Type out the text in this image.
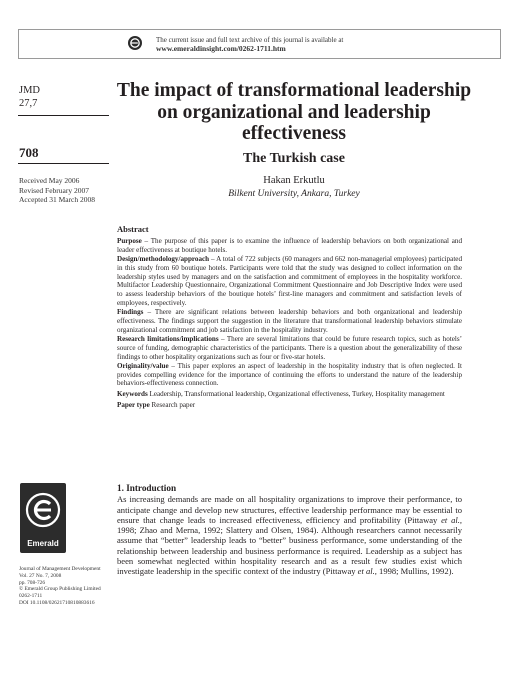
The current issue and full text archive of this journal is available at
www.emeraldinsight.com/0262-1711.htm
JMD
27,7
708
Received May 2006
Revised February 2007
Accepted 31 March 2008
The impact of transformational leadership on organizational and leadership effectiveness
The Turkish case
Hakan Erkutlu
Bilkent University, Ankara, Turkey
Abstract

Purpose – The purpose of this paper is to examine the influence of leadership behaviors on both organizational and leader effectiveness at boutique hotels.

Design/methodology/approach – A total of 722 subjects (60 managers and 662 non-managerial employees) participated in this study from 60 boutique hotels. Participants were told that the study was designed to collect information on the leadership styles used by managers and on the satisfaction and commitment of employees in the hospitality workforce. Multifactor Leadership Questionnaire, Organizational Commitment Questionnaire and Job Descriptive Index were used to assess leadership behaviors of the boutique hotels’ first-line managers and commitment and satisfaction levels of employees, respectively.

Findings – There are significant relations between leadership behaviors and both organizational and leadership effectiveness. The findings support the suggestion in the literature that transformational leadership behaviors stimulate organizational commitment and job satisfaction in the hospitality industry.

Research limitations/implications – There are several limitations that could be future research topics, such as hotels’ source of funding, demographic characteristics of the participants. There is a question about the generalizability of these findings to other hospitality organizations such as four or five-star hotels.

Originality/value – This paper explores an aspect of leadership in the hospitality industry that is often neglected. It provides compelling evidence for the importance of continuing the efforts to understand the nature of the leadership behaviors-effectiveness connection.

Keywords Leadership, Transformational leadership, Organizational effectiveness, Turkey, Hospitality management

Paper type Research paper

1. Introduction

As increasing demands are made on all hospitality organizations to improve their performance, to anticipate change and develop new structures, effective leadership performance may be essential to ensure that change leads to increased effectiveness, efficiency and profitability (Pittaway et al., 1998; Zhao and Merna, 1992; Slattery and Olsen, 1984). Although researchers cannot necessarily assume that “better” leadership leads to “better” business performance, some understanding of the relationship between leadership and business performance is required. Leadership as a subject has been somewhat neglected within hospitality research and as a result few studies exist which investigate leadership in the specific context of the industry (Pittaway et al., 1998; Mullins, 1992).

Emerald
Journal of Management Development
Vol. 27 No. 7, 2008
pp. 708-726
© Emerald Group Publishing Limited
0262-1711
DOI 10.1108/02621710810883616
